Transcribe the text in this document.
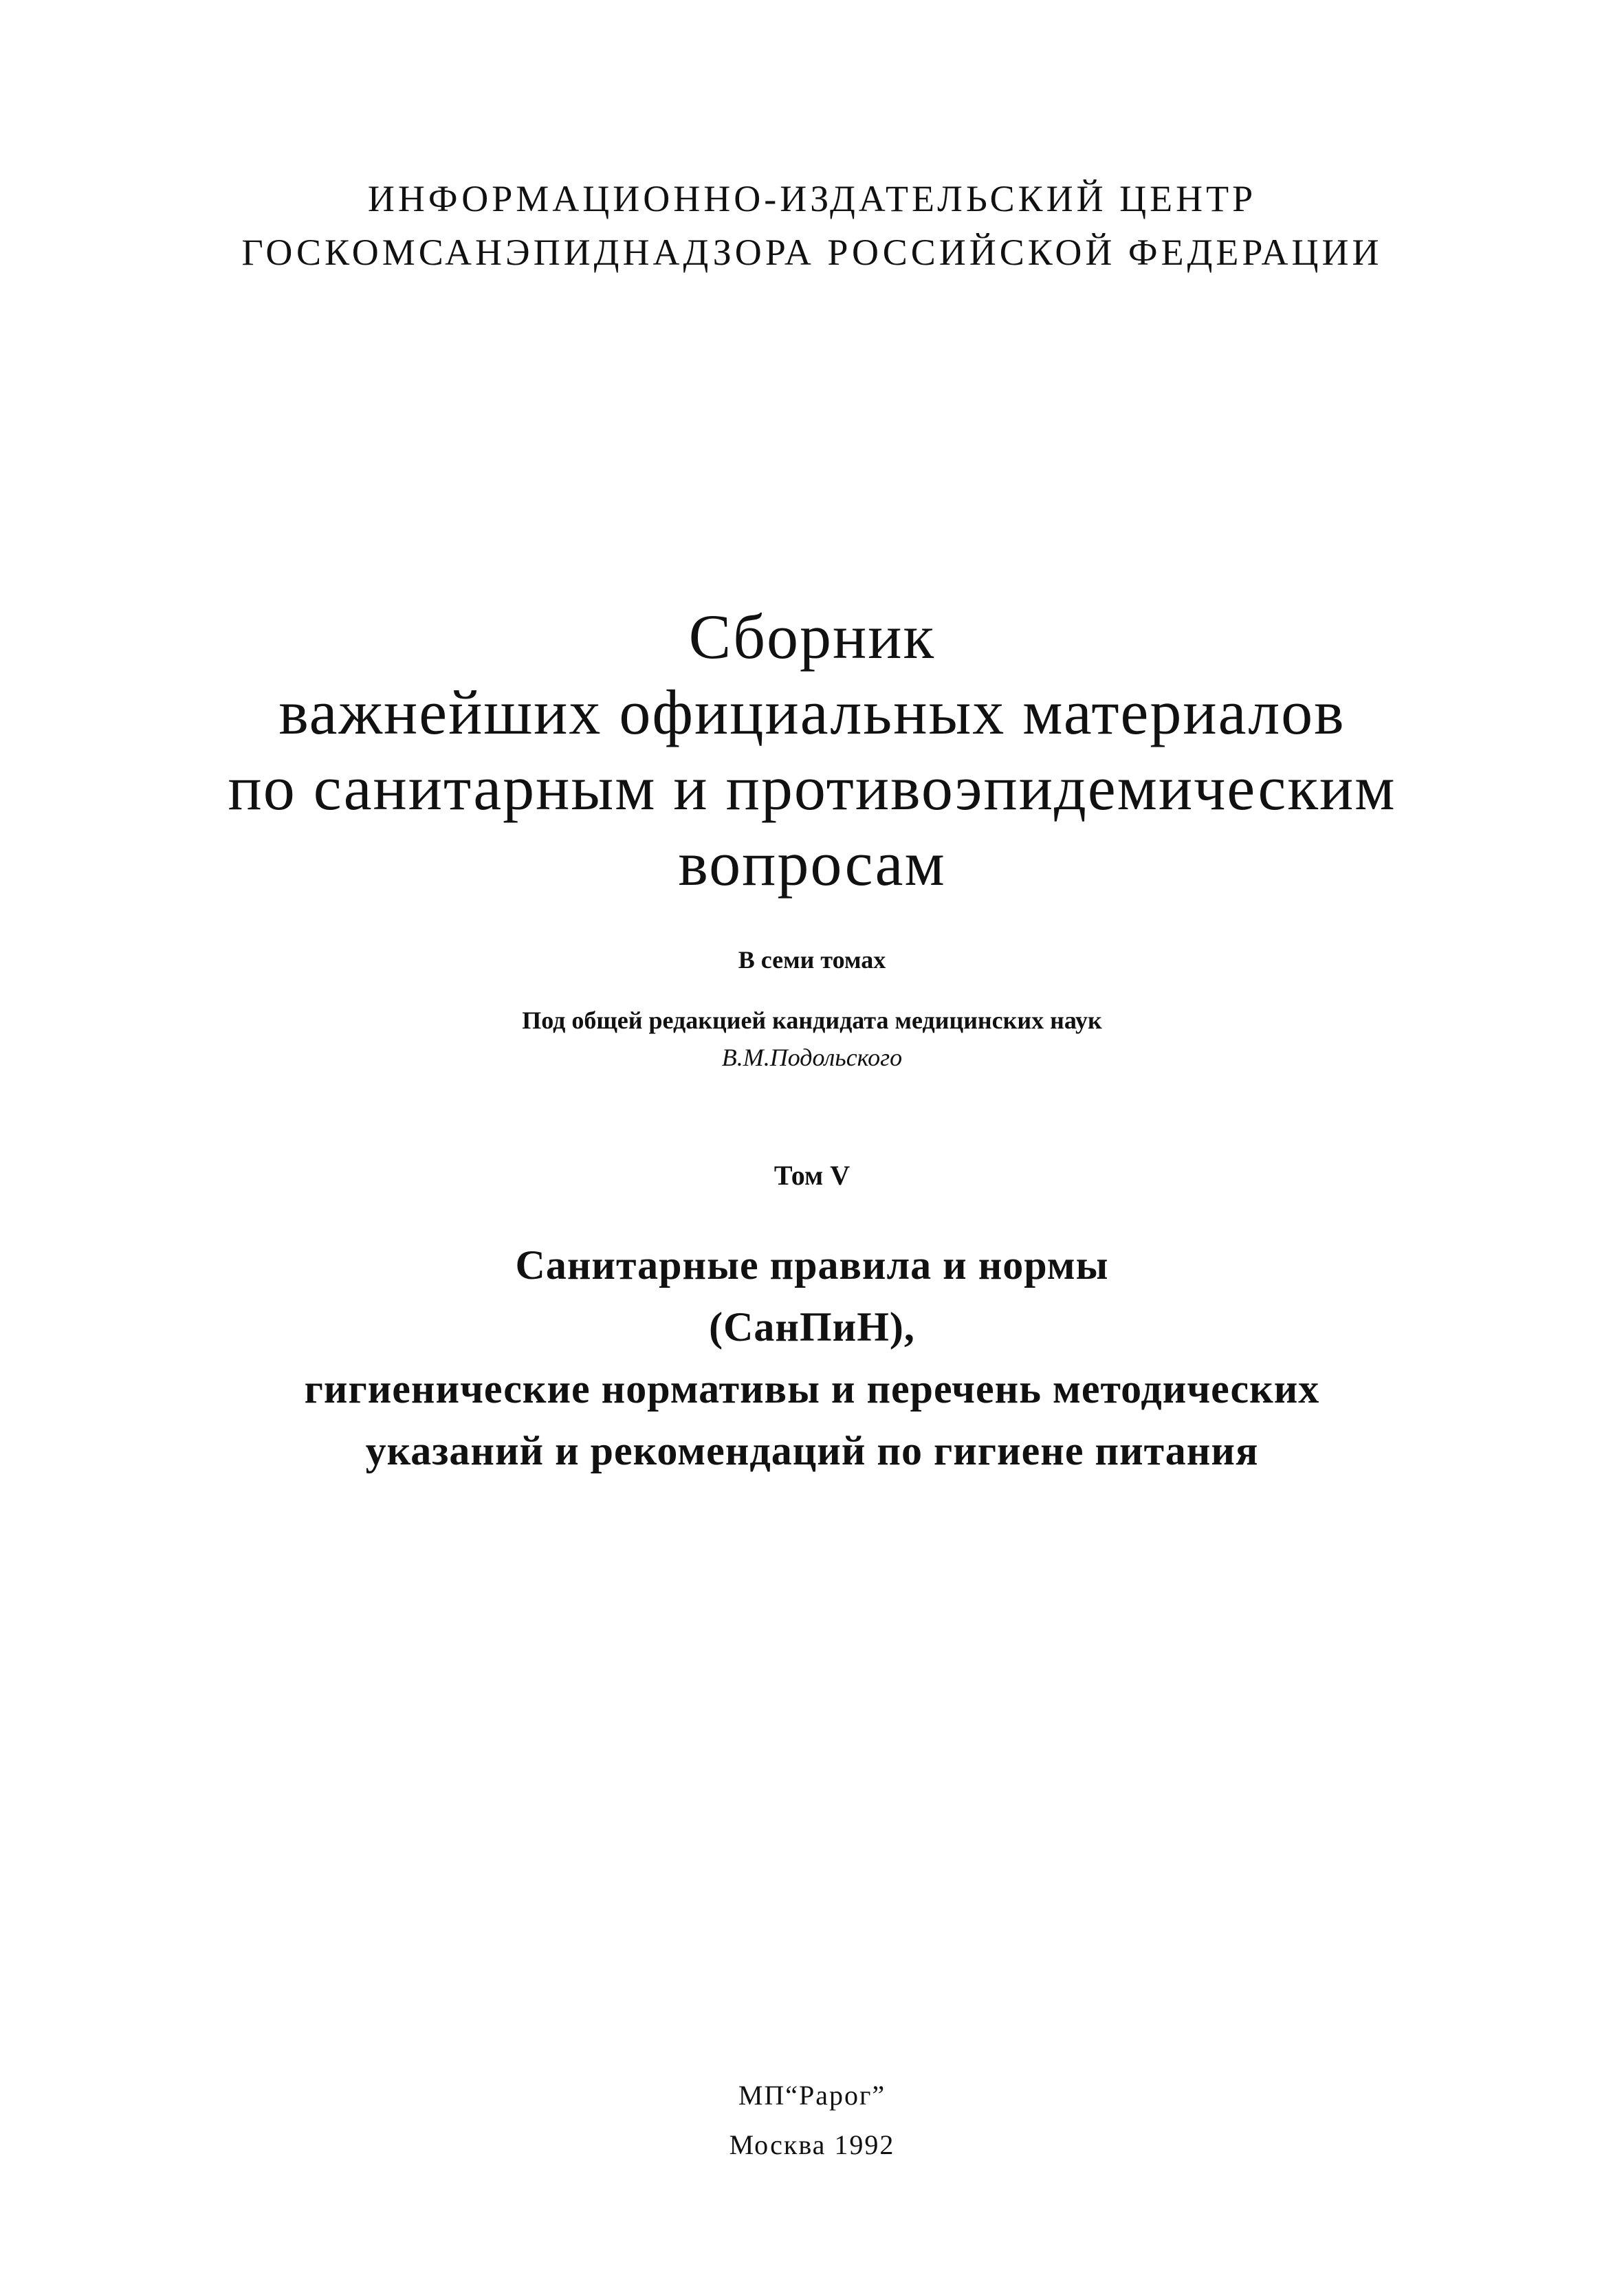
ИНФОРМАЦИОННО-ИЗДАТЕЛЬСКИЙ ЦЕНТР
ГОСКОМСАНЭПИДНАДЗОРА РОССИЙСКОЙ ФЕДЕРАЦИИ
Сборник
важнейших официальных материалов
по санитарным и противоэпидемическим
вопросам
В семи томах
Под общей редакцией кандидата медицинских наук
В.М.Подольского
Том V
Санитарные правила и нормы
(СанПиН),
гигиенические нормативы и перечень методических
указаний и рекомендаций по гигиене питания
МП“Рарог”
Москва 1992
